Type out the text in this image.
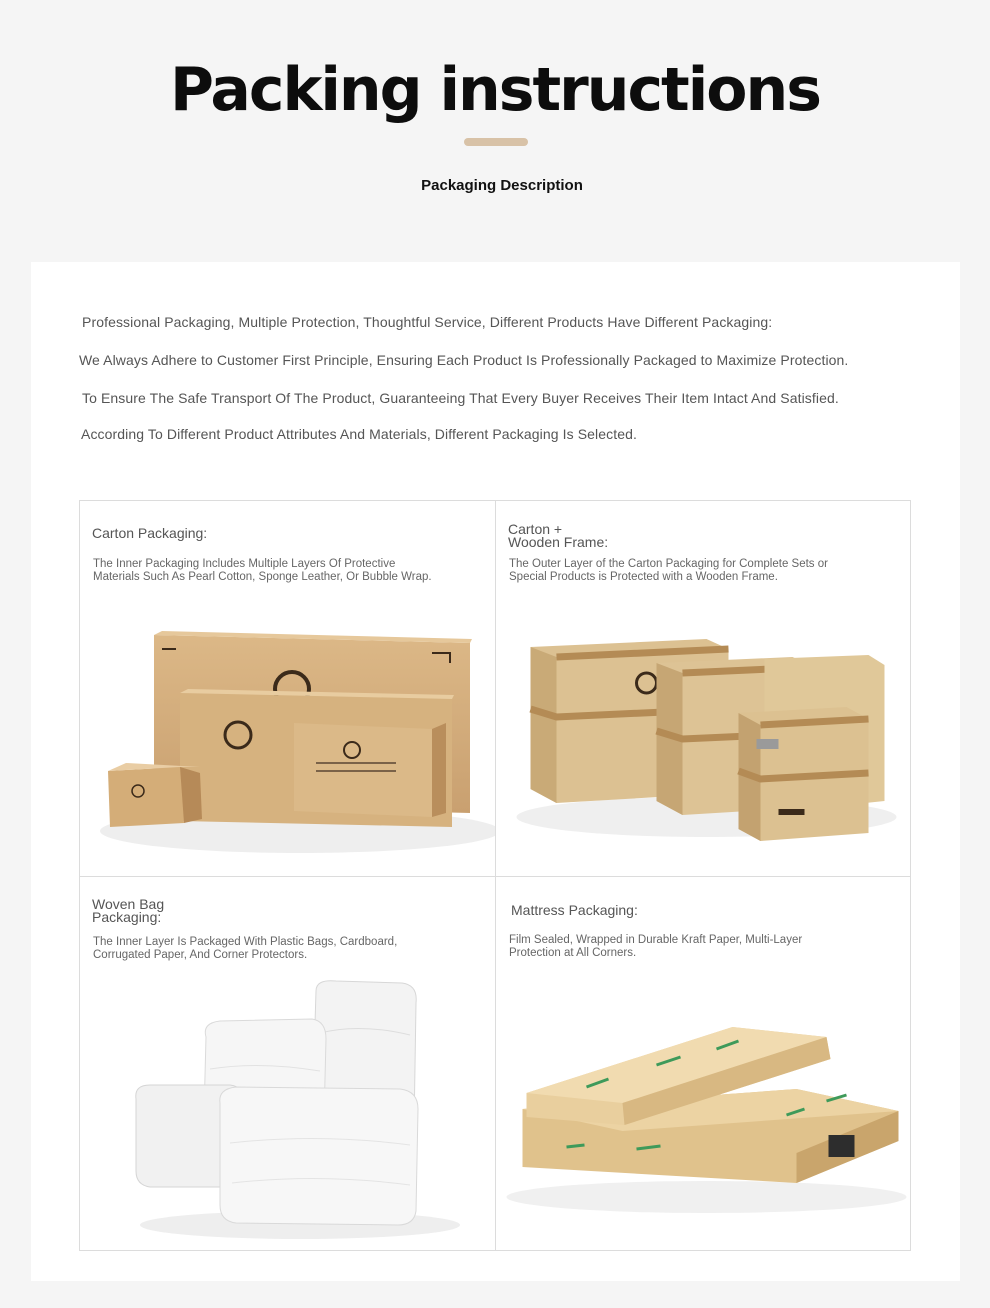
Packing instructions
Packaging Description
Professional Packaging, Multiple Protection, Thoughtful Service, Different Products Have Different Packaging:
We Always Adhere to Customer First Principle, Ensuring Each Product Is Professionally Packaged to Maximize Protection.
To Ensure The Safe Transport Of The Product, Guaranteeing That Every Buyer Receives Their Item Intact And Satisfied.
According To Different Product Attributes And Materials, Different Packaging Is Selected.
Carton Packaging:
The Inner Packaging Includes Multiple Layers Of Protective
Materials Such As Pearl Cotton, Sponge Leather, Or Bubble Wrap.
Carton +
Wooden Frame:
The Outer Layer of the Carton Packaging for Complete Sets or
Special Products is Protected with a Wooden Frame.
Woven Bag
Packaging:
The Inner Layer Is Packaged With Plastic Bags, Cardboard,
Corrugated Paper, And Corner Protectors.
Mattress Packaging:
Film Sealed, Wrapped in Durable Kraft Paper, Multi-Layer
Protection at All Corners.
